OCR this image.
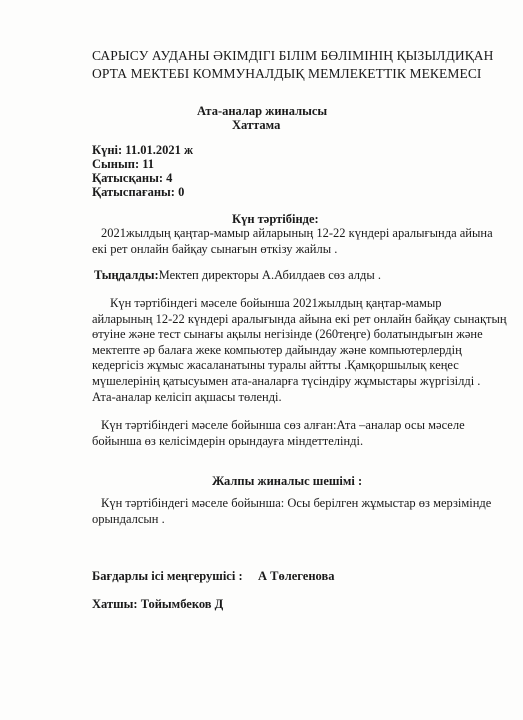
САРЫСУ АУДАНЫ ӘКІМДІГІ БІЛІМ БӨЛІМІНІҢ ҚЫЗЫЛДИҚАН
ОРТА МЕКТЕБІ КОММУНАЛДЫҚ МЕМЛЕКЕТТІК МЕКЕМЕСІ
Ата-аналар жиналысы
Хаттама
Күні: 11.01.2021 ж
Сынып: 11
Қатысқаны: 4
Қатыспағаны: 0
Күн тәртібінде:
2021жылдың қаңтар-мамыр айларының 12-22 күндері аралығында айына
екі рет онлайн байқау сынағын өткізу жайлы .
Тыңдалды:Мектеп директоры А.Абилдаев сөз алды .
Күн тәртібіндегі мәселе бойынша 2021жылдың қаңтар-мамыр
айларының 12-22 күндері аралығында айына екі рет онлайн байқау сынақтың
өтуіне және тест сынағы ақылы негізінде (260теңге) болатындығын және
мектепте әр балаға жеке компьютер дайындау және компьютерлердің
кедергісіз жұмыс жасаланатыны туралы айтты .Қамқоршылық кеңес
мүшелерінің қатысуымен ата-аналарға түсіндіру жұмыстары жүргізілді .
Ата-аналар келісіп ақшасы төленді.
Күн тәртібіндегі мәселе бойынша сөз алған:Ата –аналар осы мәселе
бойынша өз келісімдерін орындауға міндеттелінді.
Жалпы жиналыс шешімі :
Күн тәртібіндегі мәселе бойынша: Осы берілген жұмыстар өз мерзімінде
орындалсын .
Бағдарлы ісі меңгерушісі : А Төлегенова
Хатшы: Тойымбеков Д
